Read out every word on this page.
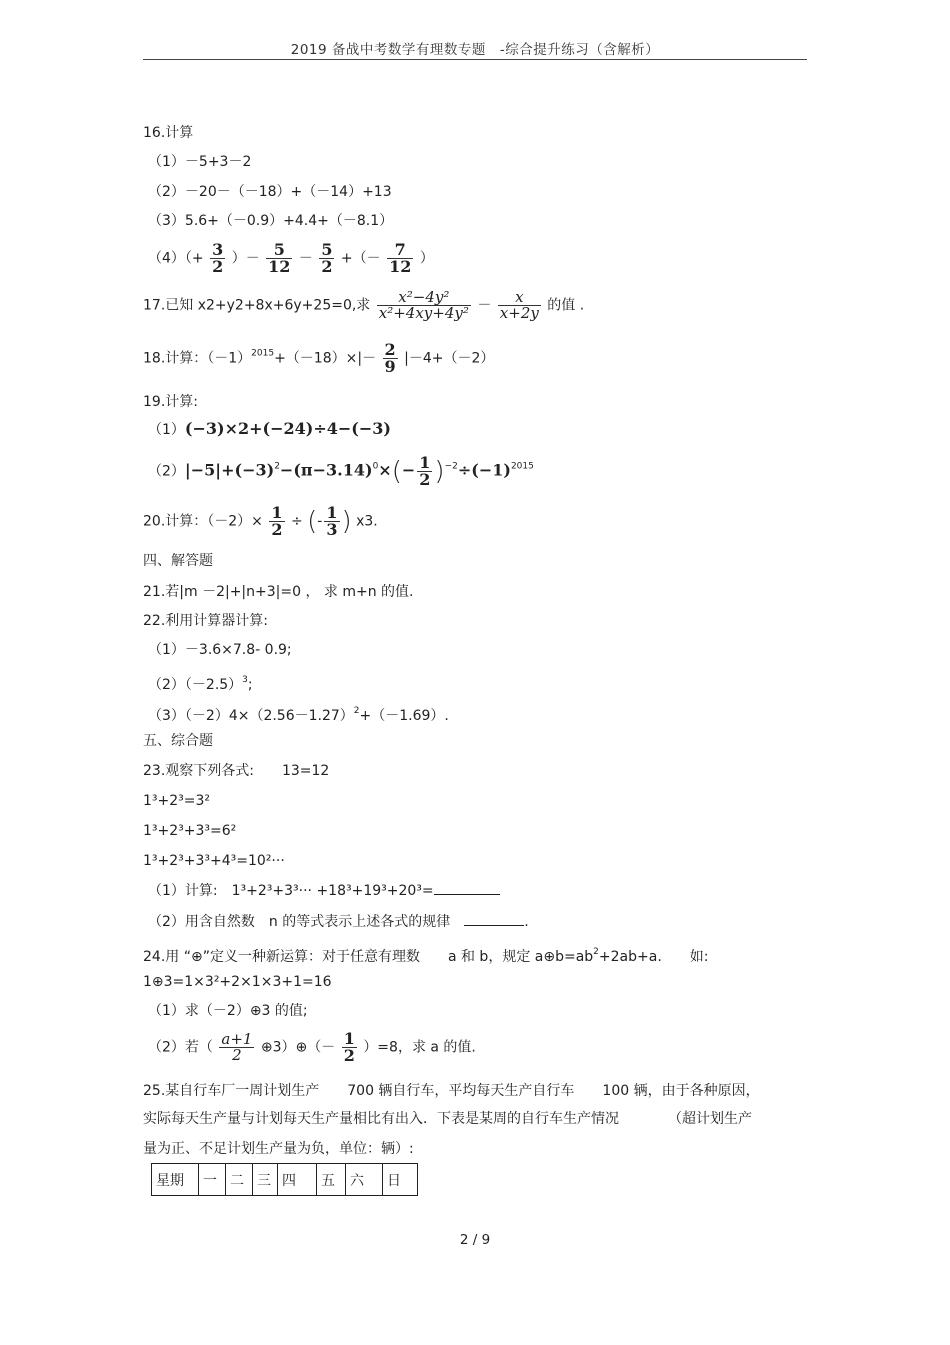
2019 备战中考数学有理数专题　-综合提升练习（含解析）
16.计算
（1）－5+3－2
（2）－20－（－18）+（－14）+13
（3）5.6+（－0.9）+4.4+（－8.1）
$(4)(+ \frac{3}{2}$ ）－ $\frac{5}{12} - \frac{5}{2}$ +（－ $\frac{7}{12}$ ）
17.已知 x2+y2+8x+6y+25=0,求 $\frac{\text{x²−4y²}}{\text{x²+4xy+4y²}} - \frac{x}{x+2y}$ 的值 .
18.计算：$(-1)^{2015}+(-18)\times|- \frac{2}{9} |-4+(-2)$
19.计算:
（1）(−3)×2+(−24)÷4−(−3)
$(2)|-5|+(-3)^2-(\pi-3.14)^0\times(- \frac{1}{2} )^{-2}\div(-1)^{2015}$
20.计算：$(-2)\times \frac{1}{2}$ ÷ (- $\frac{1}{3}$ ) x3.
四、解答题
21.若|m －2|+|n+3|=0 ， 求 m+n 的值.
22.利用计算器计算:
（1）－3.6×7.8- 0.9;
$(2)(-2.5)^3$;
$(3)(-2)4\times(2.56-1.27)^2+(-1.69)$.
五、综合题
23.观察下列各式:　　13=12
1³+2³=3²
1³+2³+3³=6²
1³+2³+3³+4³=10²···
（1）计算:　1³+2³+3³··· +18³+19³+20³=
（2）用含自然数　n 的等式表示上述各式的规律　	.
24.用 “⊕”定义一种新运算：对于任意有理数　　a 和 b，规定 $a\oplus b=ab^2+2ab+a$.　　如:
1⊕3=1×3²+2×1×3+1=16
（1）求（－2）⊕3 的值;
（2）若（ $\frac{a+1}{2}$ ⊕3）⊕（－ $\frac{1}{2} )=8$，求 a 的值.
25.某自行车厂一周计划生产　　700 辆自行车，平均每天生产自行车　　100 辆，由于各种原因，
实际每天生产量与计划每天生产量相比有出入．下表是某周的自行车生产情况　　　　（超计划生产
量为正、不足计划生产量为负，单位：辆）:
星期	一	二	三	四	五	六	日
2 / 9
